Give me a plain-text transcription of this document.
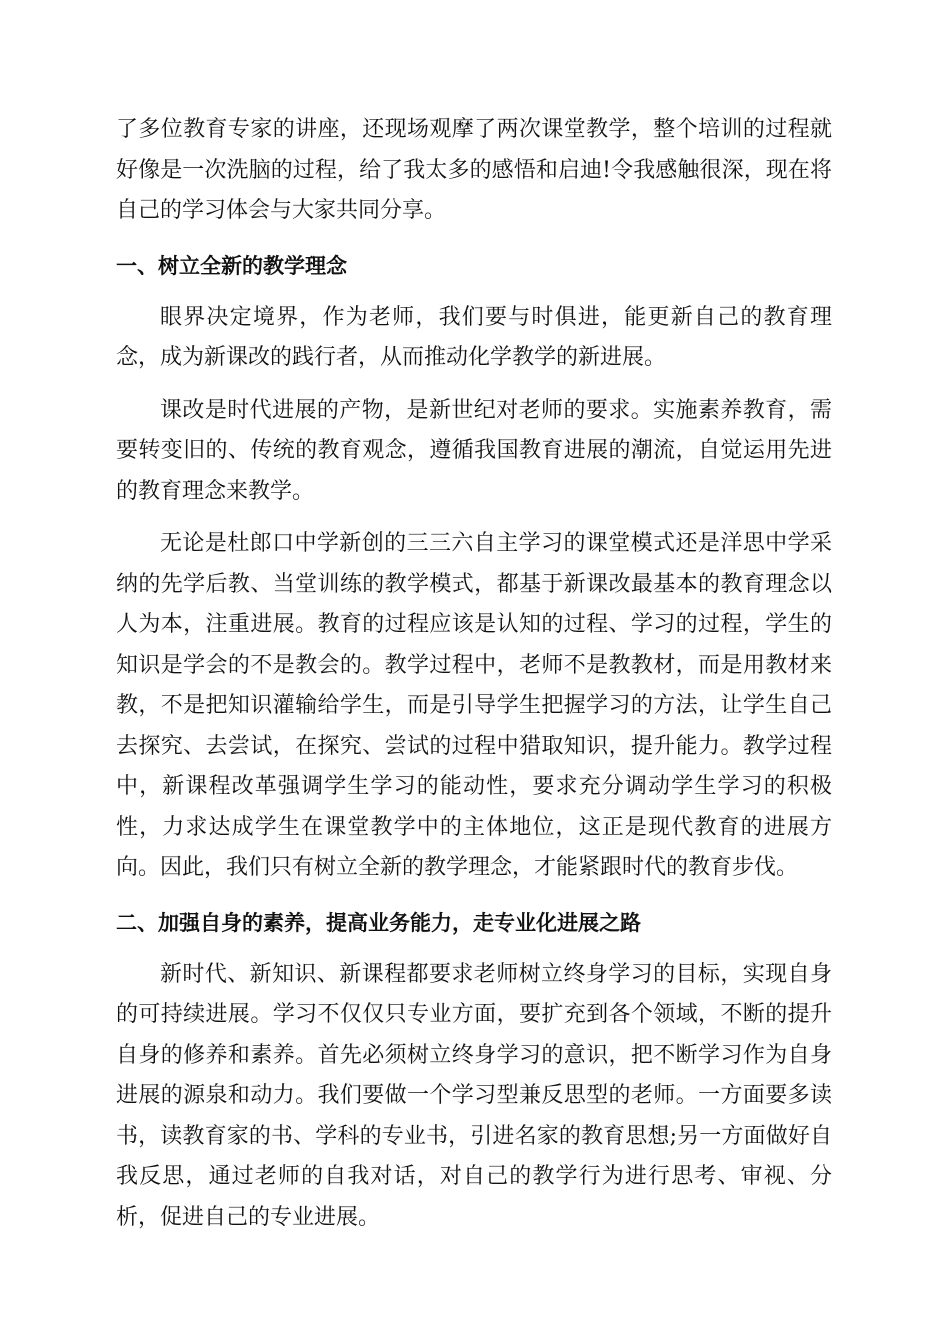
了多位教育专家的讲座，还现场观摩了两次课堂教学，整个培训的过程就好像是一次洗脑的过程，给了我太多的感悟和启迪!令我感触很深，现在将自己的学习体会与大家共同分享。

一、树立全新的教学理念

眼界决定境界，作为老师，我们要与时俱进，能更新自己的教育理念，成为新课改的践行者，从而推动化学教学的新进展。

课改是时代进展的产物，是新世纪对老师的要求。实施素养教育，需要转变旧的、传统的教育观念，遵循我国教育进展的潮流，自觉运用先进的教育理念来教学。

无论是杜郎口中学新创的三三六自主学习的课堂模式还是洋思中学采纳的先学后教、当堂训练的教学模式，都基于新课改最基本的教育理念以人为本，注重进展。教育的过程应该是认知的过程、学习的过程，学生的知识是学会的不是教会的。教学过程中，老师不是教教材，而是用教材来教，不是把知识灌输给学生，而是引导学生把握学习的方法，让学生自己去探究、去尝试，在探究、尝试的过程中猎取知识，提升能力。教学过程中，新课程改革强调学生学习的能动性，要求充分调动学生学习的积极性，力求达成学生在课堂教学中的主体地位，这正是现代教育的进展方向。因此，我们只有树立全新的教学理念，才能紧跟时代的教育步伐。

二、加强自身的素养，提高业务能力，走专业化进展之路

新时代、新知识、新课程都要求老师树立终身学习的目标，实现自身的可持续进展。学习不仅仅只专业方面，要扩充到各个领域，不断的提升自身的修养和素养。首先必须树立终身学习的意识，把不断学习作为自身进展的源泉和动力。我们要做一个学习型兼反思型的老师。一方面要多读书，读教育家的书、学科的专业书，引进名家的教育思想;另一方面做好自我反思，通过老师的自我对话，对自己的教学行为进行思考、审视、分析，促进自己的专业进展。
